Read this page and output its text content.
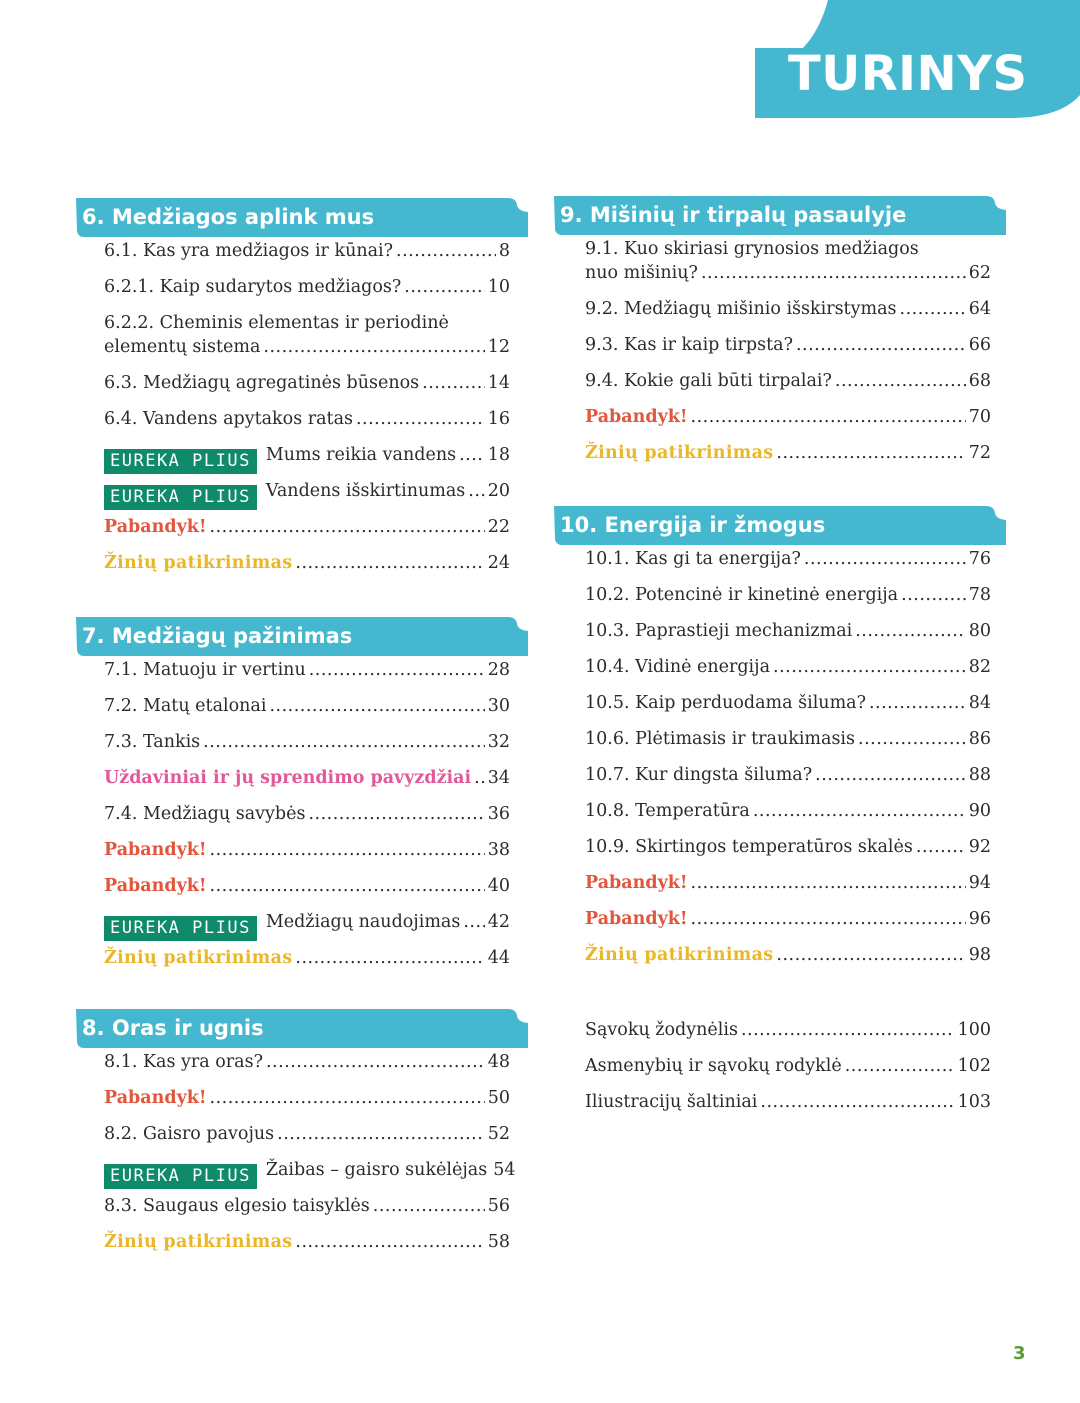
TURINYS
6. Medžiagos aplink mus
6.1. Kas yra medžiagos ir kūnai? .....	8
6.2.1. Kaip sudarytos medžiagos? .....	10
6.2.2. Cheminis elementas ir periodinė
elementų sistema .....	12
6.3. Medžiagų agregatinės būsenos .....	14
6.4. Vandens apytakos ratas .....	16
EUREKA PLIUS Mums reikia vandens ..... 18
EUREKA PLIUS Vandens išskirtinumas ..... 20
Pabandyk! .....	22
Žinių patikrinimas .....	24
7. Medžiagų pažinimas
7.1. Matuoju ir vertinu .....	28
7.2. Matų etalonai .....	30
7.3. Tankis .....	32
Uždaviniai ir jų sprendimo pavyzdžiai ..... 34
7.4. Medžiagų savybės .....	36
Pabandyk! .....	38
Pabandyk! .....	40
EUREKA PLIUS Medžiagų naudojimas ..... 42
Žinių patikrinimas .....	44
8. Oras ir ugnis
8.1. Kas yra oras? .....	48
Pabandyk! .....	50
8.2. Gaisro pavojus .....	52
EUREKA PLIUS Žaibas – gaisro sukėlėjas 54
8.3. Saugaus elgesio taisyklės .....	56
Žinių patikrinimas .....	58
9. Mišinių ir tirpalų pasaulyje
9.1. Kuo skiriasi grynosios medžiagos
nuo mišinių? .....	62
9.2. Medžiagų mišinio išskirstymas .....	64
9.3. Kas ir kaip tirpsta? .....	66
9.4. Kokie gali būti tirpalai? .....	68
Pabandyk! .....	70
Žinių patikrinimas .....	72
10. Energija ir žmogus
10.1. Kas gi ta energija? .....	76
10.2. Potencinė ir kinetinė energija .....	78
10.3. Paprastieji mechanizmai .....	80
10.4. Vidinė energija .....	82
10.5. Kaip perduodama šiluma? .....	84
10.6. Plėtimasis ir traukimasis .....	86
10.7. Kur dingsta šiluma? .....	88
10.8. Temperatūra .....	90
10.9. Skirtingos temperatūros skalės .....	92
Pabandyk! .....	94
Pabandyk! .....	96
Žinių patikrinimas .....	98
Sąvokų žodynėlis .....	100
Asmenybių ir sąvokų rodyklė .....	102
Iliustracijų šaltiniai .....	103
3
